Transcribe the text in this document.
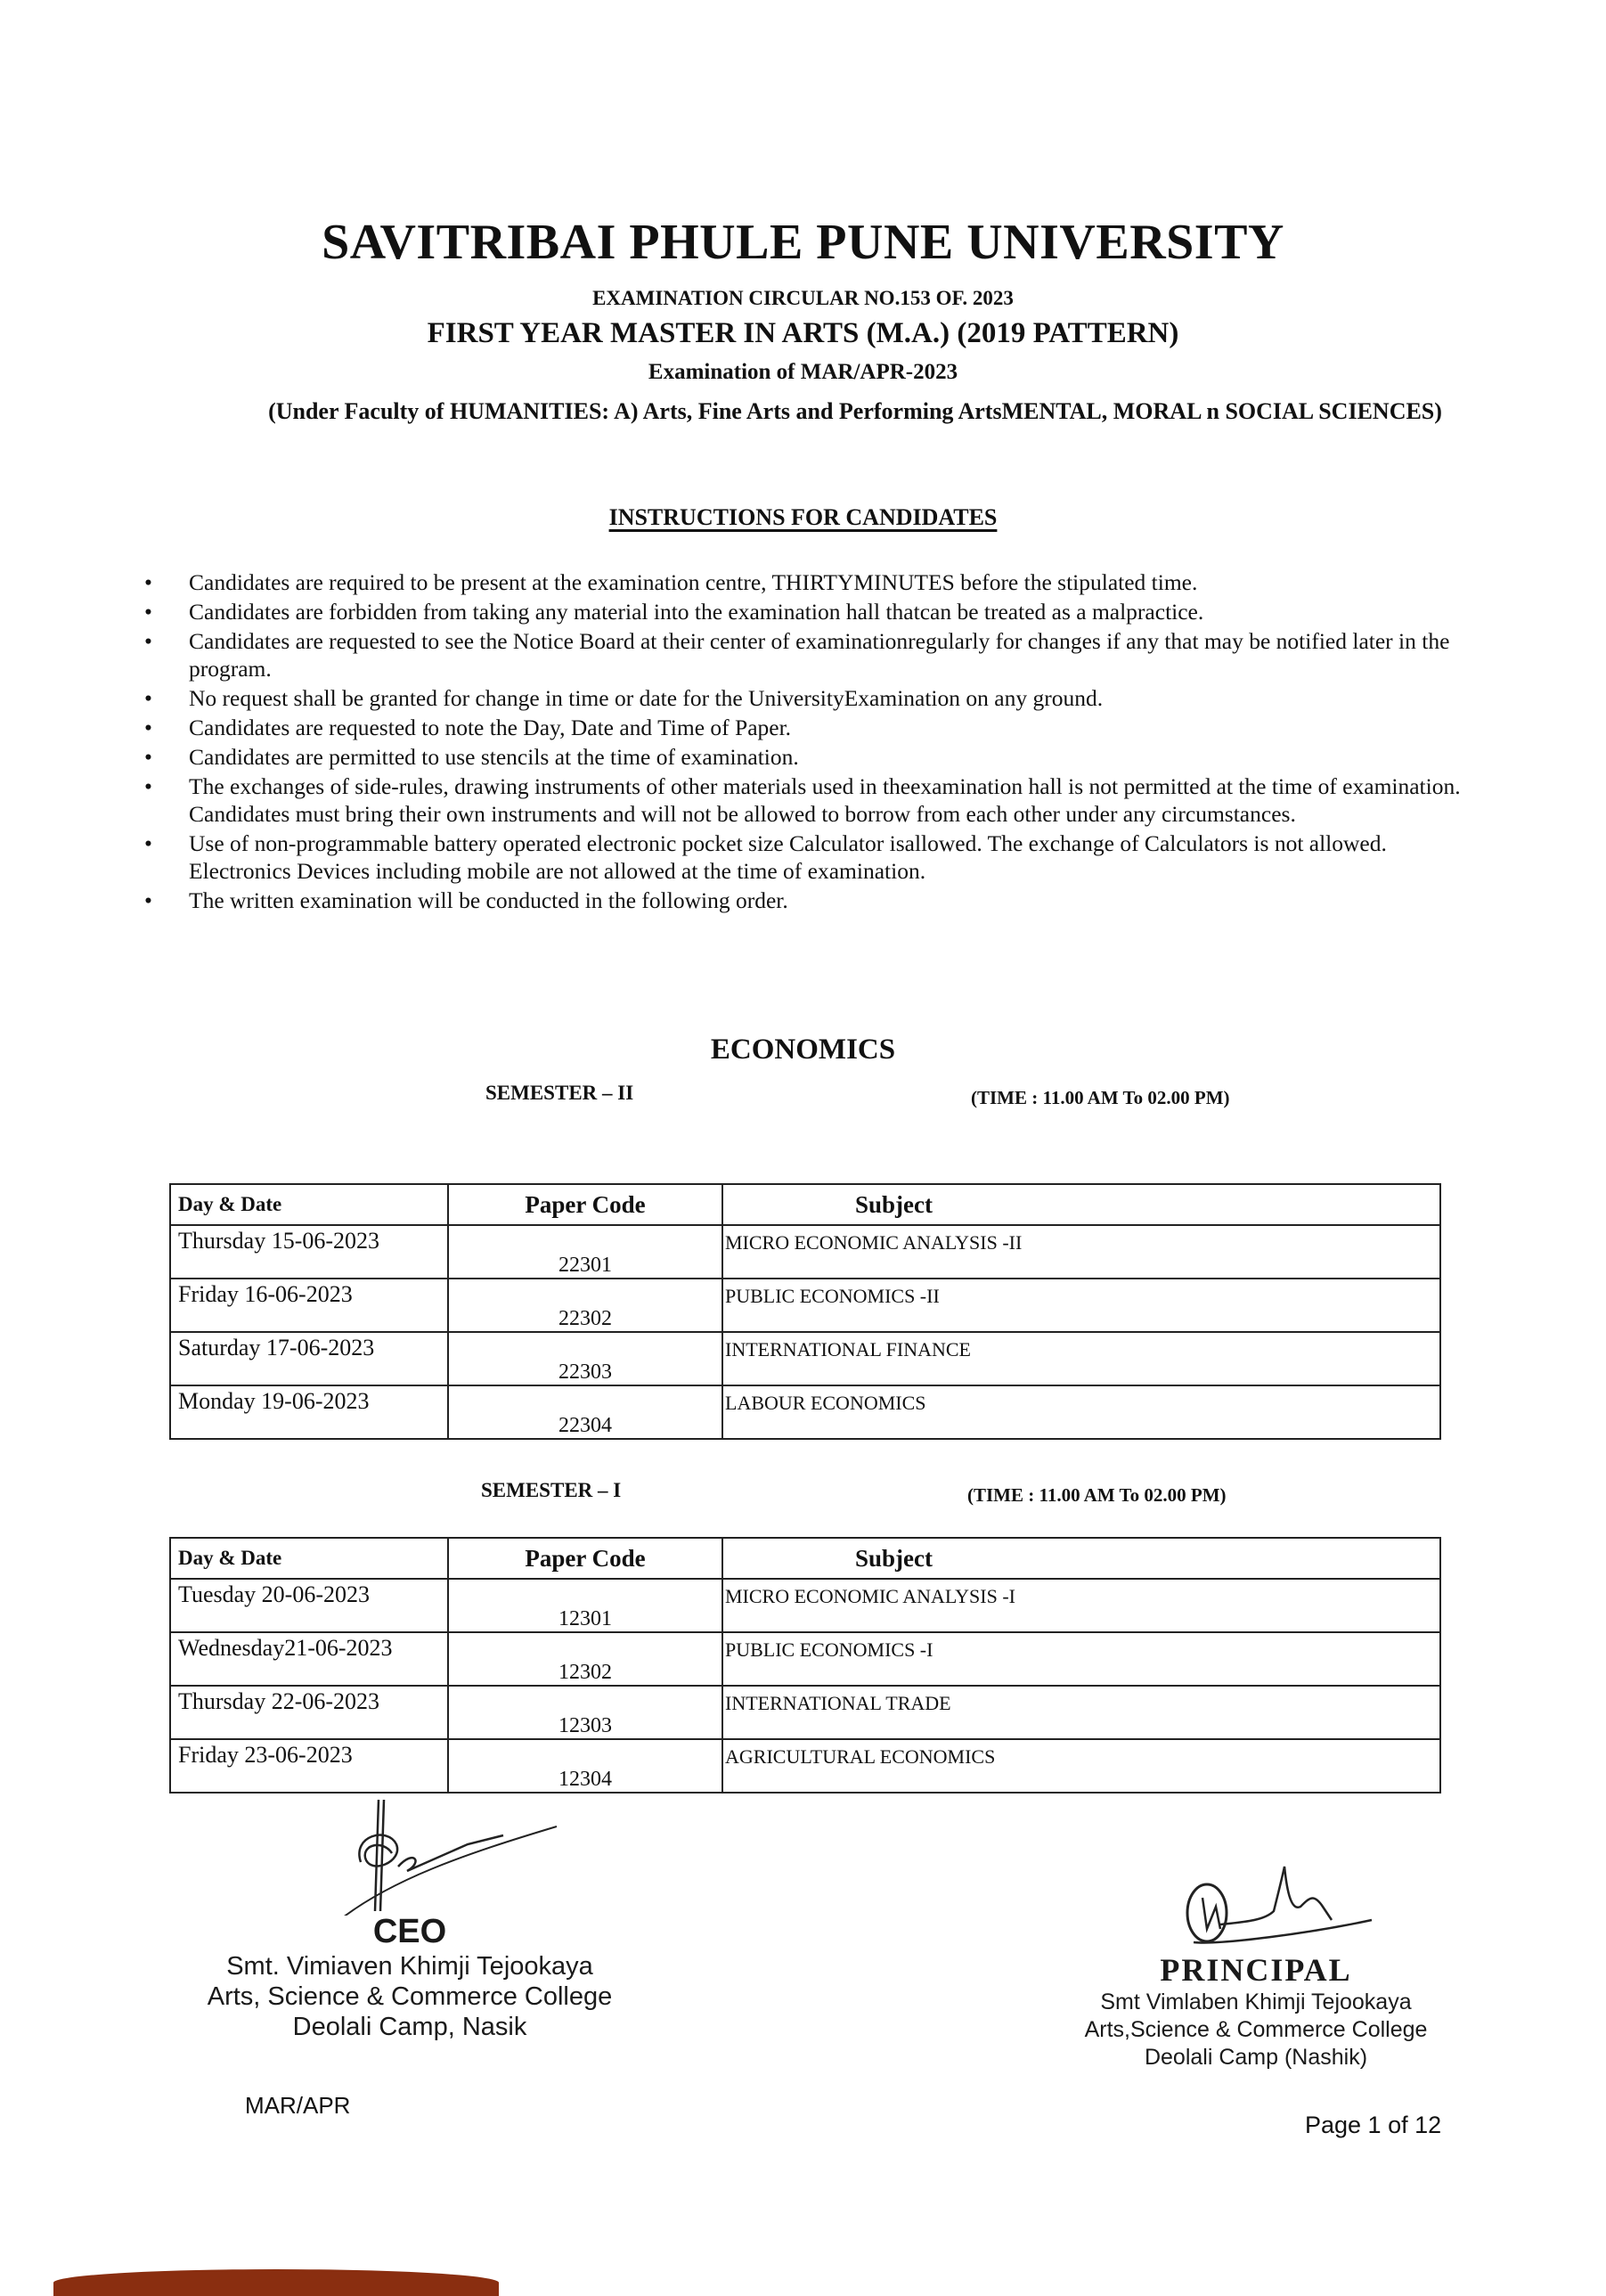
SAVITRIBAI PHULE PUNE UNIVERSITY
EXAMINATION CIRCULAR NO.153 OF. 2023
FIRST YEAR MASTER IN ARTS (M.A.) (2019 PATTERN)
Examination of MAR/APR-2023
(Under Faculty of HUMANITIES: A) Arts, Fine Arts and Performing ArtsMENTAL, MORAL n SOCIAL SCIENCES)
INSTRUCTIONS FOR CANDIDATES
• Candidates are required to be present at the examination centre, THIRTYMINUTES before the stipulated time.
• Candidates are forbidden from taking any material into the examination hall thatcan be treated as a malpractice.
• Candidates are requested to see the Notice Board at their center of examinationregularly for changes if any that may be notified later in the program.
• No request shall be granted for change in time or date for the UniversityExamination on any ground.
• Candidates are requested to note the Day, Date and Time of Paper.
• Candidates are permitted to use stencils at the time of examination.
• The exchanges of side-rules, drawing instruments of other materials used in theexamination hall is not permitted at the time of examination. Candidates must bring their own instruments and will not be allowed to borrow from each other under any circumstances.
• Use of non-programmable battery operated electronic pocket size Calculator isallowed. The exchange of Calculators is not allowed. Electronics Devices including mobile are not allowed at the time of examination.
• The written examination will be conducted in the following order.
ECONOMICS
SEMESTER – II	(TIME : 11.00 AM To 02.00 PM)
Day & Date	Paper Code	Subject
Thursday 15-06-2023	22301	MICRO ECONOMIC ANALYSIS -II
Friday 16-06-2023	22302	PUBLIC ECONOMICS -II
Saturday 17-06-2023	22303	INTERNATIONAL FINANCE
Monday 19-06-2023	22304	LABOUR ECONOMICS
SEMESTER – I	(TIME : 11.00 AM To 02.00 PM)
Day & Date	Paper Code	Subject
Tuesday 20-06-2023	12301	MICRO ECONOMIC ANALYSIS -I
Wednesday21-06-2023	12302	PUBLIC ECONOMICS -I
Thursday 22-06-2023	12303	INTERNATIONAL TRADE
Friday 23-06-2023	12304	AGRICULTURAL ECONOMICS
CEO
Smt. Vimiaven Khimji Tejookaya
Arts, Science & Commerce College
Deolali Camp, Nasik
PRINCIPAL
Smt Vimlaben Khimji Tejookaya
Arts,Science & Commerce College
Deolali Camp (Nashik)
MAR/APR
Page 1 of 12
